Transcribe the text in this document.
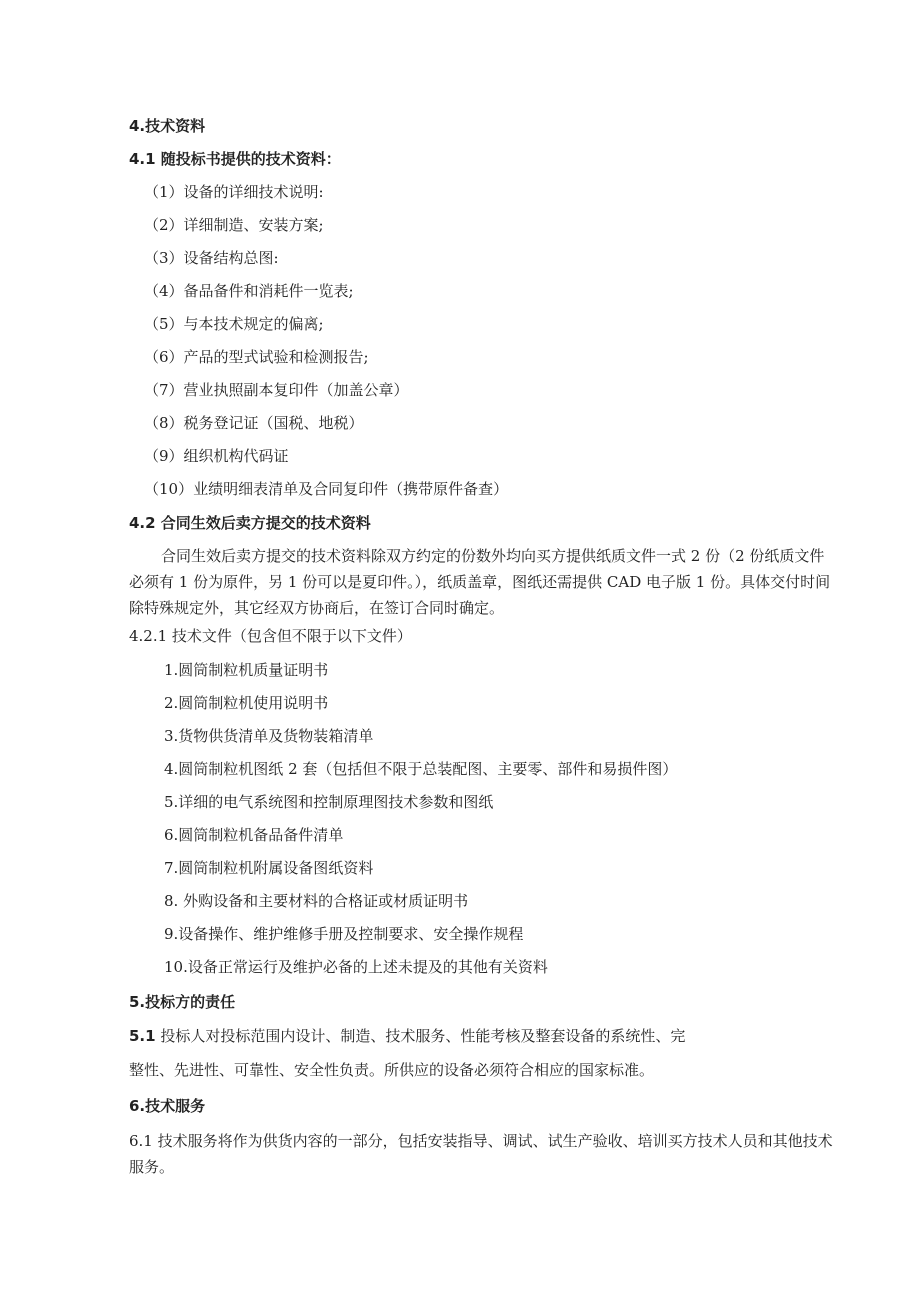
4.技术资料
4.1 随投标书提供的技术资料：
（1）设备的详细技术说明:
（2）详细制造、安装方案;
（3）设备结构总图:
（4）备品备件和消耗件一览表;
（5）与本技术规定的偏离;
（6）产品的型式试验和检测报告;
（7）营业执照副本复印件（加盖公章）
（8）税务登记证（国税、地税）
（9）组织机构代码证
（10）业绩明细表清单及合同复印件（携带原件备查）
4.2 合同生效后卖方提交的技术资料
合同生效后卖方提交的技术资料除双方约定的份数外均向买方提供纸质文件一式 2 份（2 份纸质文件必须有 1 份为原件，另 1 份可以是夏印件。），纸质盖章，图纸还需提供 CAD 电子版 1 份。具体交付时间除特殊规定外，其它经双方协商后，在签订合同时确定。
4.2.1 技术文件（包含但不限于以下文件）
1.圆筒制粒机质量证明书
2.圆筒制粒机使用说明书
3.货物供货清单及货物装箱清单
4.圆筒制粒机图纸 2 套（包括但不限于总装配图、主要零、部件和易损件图）
5.详细的电气系统图和控制原理图技术参数和图纸
6.圆筒制粒机备品备件清单
7.圆筒制粒机附属设备图纸资料
8. 外购设备和主要材料的合格证或材质证明书
9.设备操作、维护维修手册及控制要求、安全操作规程
10.设备正常运行及维护必备的上述未提及的其他有关资料
5.投标方的责任
5.1 投标人对投标范围内设计、制造、技术服务、性能考核及整套设备的系统性、完
整性、先进性、可靠性、安全性负责。所供应的设备必须符合相应的国家标准。
6.技术服务
6.1 技术服务将作为供货内容的一部分，包括安装指导、调试、试生产验收、培训买方技术人员和其他技术服务。
